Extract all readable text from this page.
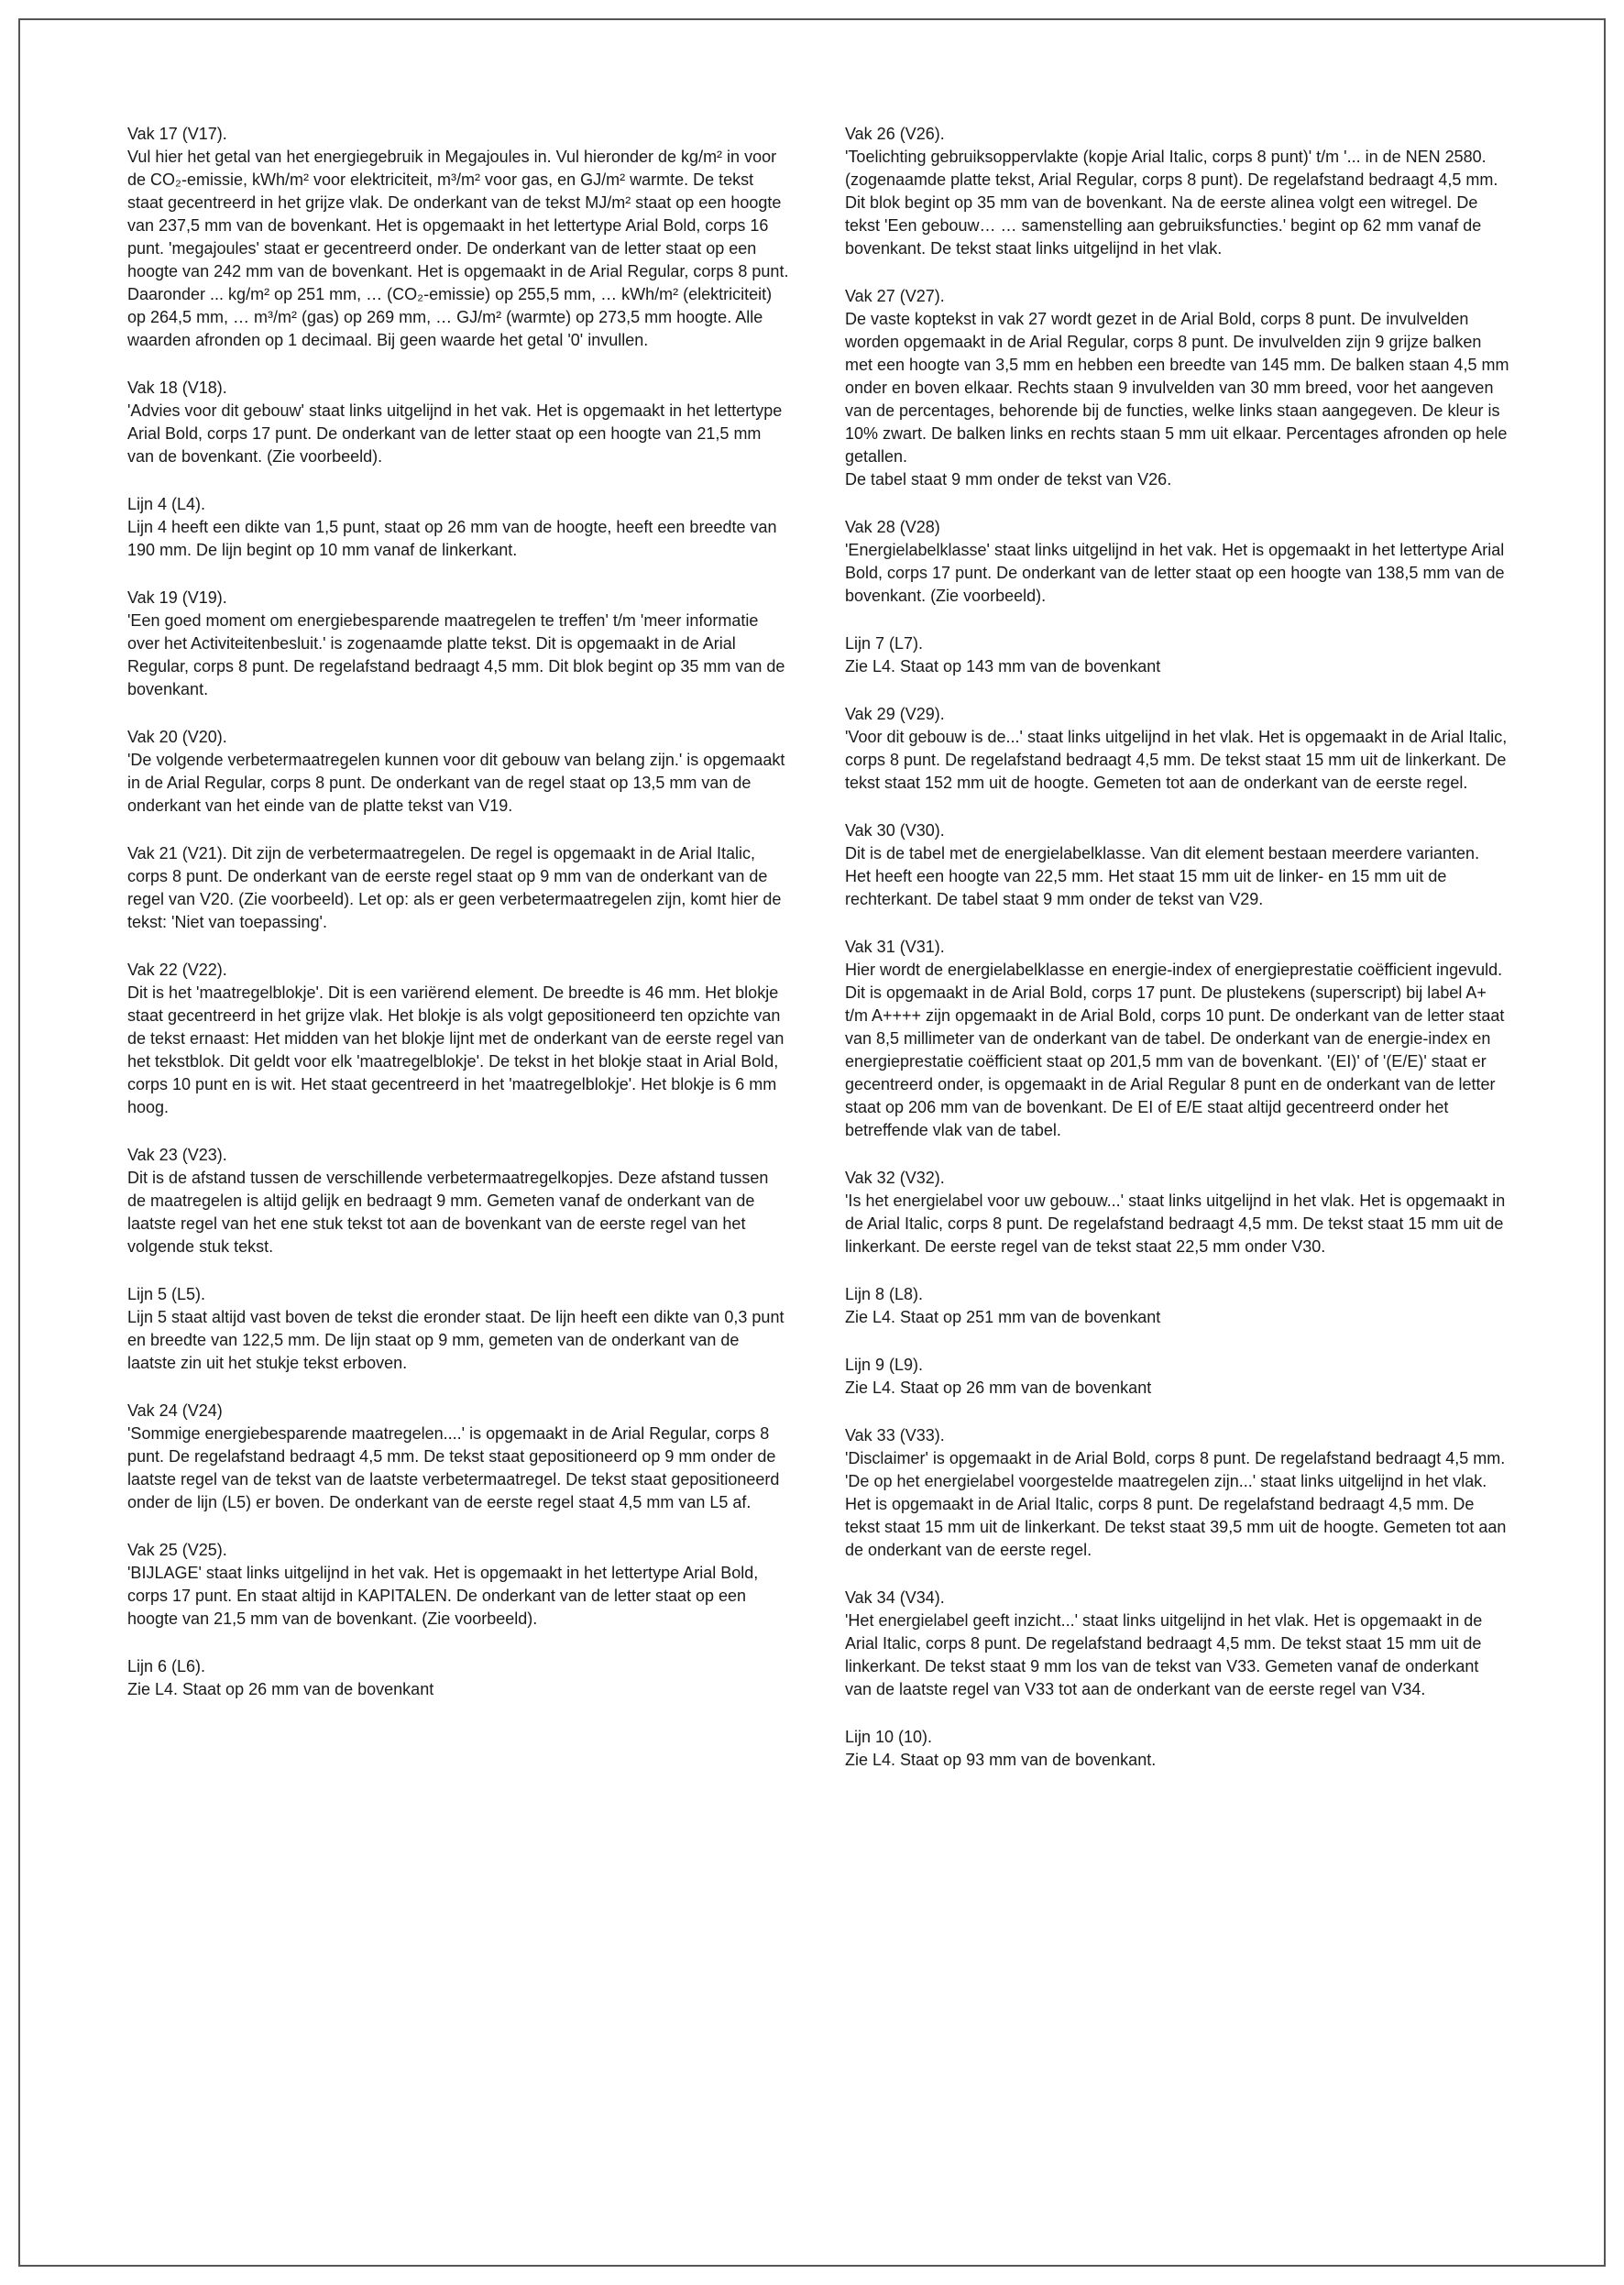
Vak 17 (V17).
Vul hier het getal van het energiegebruik in Megajoules in. Vul hieronder de kg/m² in voor de CO₂-emissie, kWh/m² voor elektriciteit, m³/m² voor gas, en GJ/m² warmte. De tekst staat gecentreerd in het grijze vlak. De onderkant van de tekst MJ/m² staat op een hoogte van 237,5 mm van de bovenkant. Het is opgemaakt in het lettertype Arial Bold, corps 16 punt. 'megajoules' staat er gecentreerd onder. De onderkant van de letter staat op een hoogte van 242 mm van de bovenkant. Het is opgemaakt in de Arial Regular, corps 8 punt. Daaronder ... kg/m² op 251 mm, … (CO₂-emissie) op 255,5 mm, … kWh/m² (elektriciteit) op 264,5 mm, … m³/m² (gas) op 269 mm, … GJ/m² (warmte) op 273,5 mm hoogte. Alle waarden afronden op 1 decimaal. Bij geen waarde het getal '0' invullen.
Vak 18 (V18).
'Advies voor dit gebouw' staat links uitgelijnd in het vak. Het is opgemaakt in het lettertype Arial Bold, corps 17 punt. De onderkant van de letter staat op een hoogte van 21,5 mm van de bovenkant. (Zie voorbeeld).
Lijn 4 (L4).
Lijn 4 heeft een dikte van 1,5 punt, staat op 26 mm van de hoogte, heeft een breedte van 190 mm. De lijn begint op 10 mm vanaf de linkerkant.
Vak 19 (V19).
'Een goed moment om energiebesparende maatregelen te treffen' t/m 'meer informatie over het Activiteitenbesluit.' is zogenaamde platte tekst. Dit is opgemaakt in de Arial Regular, corps 8 punt. De regelafstand bedraagt 4,5 mm. Dit blok begint op 35 mm van de bovenkant.
Vak 20 (V20).
'De volgende verbetermaatregelen kunnen voor dit gebouw van belang zijn.' is opgemaakt in de Arial Regular, corps 8 punt. De onderkant van de regel staat op 13,5 mm van de onderkant van het einde van de platte tekst van V19.
Vak 21 (V21). Dit zijn de verbetermaatregelen. De regel is opgemaakt in de Arial Italic, corps 8 punt. De onderkant van de eerste regel staat op 9 mm van de onderkant van de regel van V20. (Zie voorbeeld). Let op: als er geen verbetermaatregelen zijn, komt hier de tekst: 'Niet van toepassing'.
Vak 22 (V22).
Dit is het 'maatregelblokje'. Dit is een variërend element. De breedte is 46 mm. Het blokje staat gecentreerd in het grijze vlak. Het blokje is als volgt gepositioneerd ten opzichte van de tekst ernaast: Het midden van het blokje lijnt met de onderkant van de eerste regel van het tekstblok. Dit geldt voor elk 'maatregelblokje'. De tekst in het blokje staat in Arial Bold, corps 10 punt en is wit. Het staat gecentreerd in het 'maatregelblokje'. Het blokje is 6 mm hoog.
Vak 23 (V23).
Dit is de afstand tussen de verschillende verbetermaatregelkopjes. Deze afstand tussen de maatregelen is altijd gelijk en bedraagt 9 mm. Gemeten vanaf de onderkant van de laatste regel van het ene stuk tekst tot aan de bovenkant van de eerste regel van het volgende stuk tekst.
Lijn 5 (L5).
Lijn 5 staat altijd vast boven de tekst die eronder staat. De lijn heeft een dikte van 0,3 punt en breedte van 122,5 mm. De lijn staat op 9 mm, gemeten van de onderkant van de laatste zin uit het stukje tekst erboven.
Vak 24 (V24)
'Sommige energiebesparende maatregelen....' is opgemaakt in de Arial Regular, corps 8 punt. De regelafstand bedraagt 4,5 mm. De tekst staat gepositioneerd op 9 mm onder de laatste regel van de tekst van de laatste verbetermaatregel. De tekst staat gepositioneerd onder de lijn (L5) er boven. De onderkant van de eerste regel staat 4,5 mm van L5 af.
Vak 25 (V25).
'BIJLAGE' staat links uitgelijnd in het vak. Het is opgemaakt in het lettertype Arial Bold, corps 17 punt. En staat altijd in KAPITALEN. De onderkant van de letter staat op een hoogte van 21,5 mm van de bovenkant. (Zie voorbeeld).
Lijn 6 (L6).
Zie L4. Staat op 26 mm van de bovenkant
Vak 26 (V26).
'Toelichting gebruiksoppervlakte (kopje Arial Italic, corps 8 punt)' t/m '... in de NEN 2580. (zogenaamde platte tekst, Arial Regular, corps 8 punt). De regelafstand bedraagt 4,5 mm. Dit blok begint op 35 mm van de bovenkant. Na de eerste alinea volgt een witregel. De tekst 'Een gebouw… … samenstelling aan gebruiksfuncties.' begint op 62 mm vanaf de bovenkant. De tekst staat links uitgelijnd in het vlak.
Vak 27 (V27).
De vaste koptekst in vak 27 wordt gezet in de Arial Bold, corps 8 punt. De invulvelden worden opgemaakt in de Arial Regular, corps 8 punt. De invulvelden zijn 9 grijze balken met een hoogte van 3,5 mm en hebben een breedte van 145 mm. De balken staan 4,5 mm onder en boven elkaar. Rechts staan 9 invulvelden van 30 mm breed, voor het aangeven van de percentages, behorende bij de functies, welke links staan aangegeven. De kleur is 10% zwart. De balken links en rechts staan 5 mm uit elkaar. Percentages afronden op hele getallen.
De tabel staat 9 mm onder de tekst van V26.
Vak 28 (V28)
'Energielabelklasse' staat links uitgelijnd in het vak. Het is opgemaakt in het lettertype Arial Bold, corps 17 punt. De onderkant van de letter staat op een hoogte van 138,5 mm van de bovenkant. (Zie voorbeeld).
Lijn 7 (L7).
Zie L4. Staat op 143 mm van de bovenkant
Vak 29 (V29).
'Voor dit gebouw is de...' staat links uitgelijnd in het vlak. Het is opgemaakt in de Arial Italic, corps 8 punt. De regelafstand bedraagt 4,5 mm. De tekst staat 15 mm uit de linkerkant. De tekst staat 152 mm uit de hoogte. Gemeten tot aan de onderkant van de eerste regel.
Vak 30 (V30).
Dit is de tabel met de energielabelklasse. Van dit element bestaan meerdere varianten. Het heeft een hoogte van 22,5 mm. Het staat 15 mm uit de linker- en 15 mm uit de rechterkant. De tabel staat 9 mm onder de tekst van V29.
Vak 31 (V31).
Hier wordt de energielabelklasse en energie-index of energieprestatie coëfficient ingevuld. Dit is opgemaakt in de Arial Bold, corps 17 punt. De plustekens (superscript) bij label A+ t/m A++++ zijn opgemaakt in de Arial Bold, corps 10 punt. De onderkant van de letter staat van 8,5 millimeter van de onderkant van de tabel. De onderkant van de energie-index en energieprestatie coëfficient staat op 201,5 mm van de bovenkant. '(EI)' of '(E/E)' staat er gecentreerd onder, is opgemaakt in de Arial Regular 8 punt en de onderkant van de letter staat op 206 mm van de bovenkant. De EI of E/E staat altijd gecentreerd onder het betreffende vlak van de tabel.
Vak 32 (V32).
'Is het energielabel voor uw gebouw...' staat links uitgelijnd in het vlak. Het is opgemaakt in de Arial Italic, corps 8 punt. De regelafstand bedraagt 4,5 mm. De tekst staat 15 mm uit de linkerkant. De eerste regel van de tekst staat 22,5 mm onder V30.
Lijn 8 (L8).
Zie L4. Staat op 251 mm van de bovenkant
Lijn 9 (L9).
Zie L4. Staat op 26 mm van de bovenkant
Vak 33 (V33).
'Disclaimer' is opgemaakt in de Arial Bold, corps 8 punt. De regelafstand bedraagt 4,5 mm.
'De op het energielabel voorgestelde maatregelen zijn...' staat links uitgelijnd in het vlak. Het is opgemaakt in de Arial Italic, corps 8 punt. De regelafstand bedraagt 4,5 mm. De tekst staat 15 mm uit de linkerkant. De tekst staat 39,5 mm uit de hoogte. Gemeten tot aan de onderkant van de eerste regel.
Vak 34 (V34).
'Het energielabel geeft inzicht...' staat links uitgelijnd in het vlak. Het is opgemaakt in de Arial Italic, corps 8 punt. De regelafstand bedraagt 4,5 mm. De tekst staat 15 mm uit de linkerkant. De tekst staat 9 mm los van de tekst van V33. Gemeten vanaf de onderkant van de laatste regel van V33 tot aan de onderkant van de eerste regel van V34.
Lijn 10 (10).
Zie L4. Staat op 93 mm van de bovenkant.
